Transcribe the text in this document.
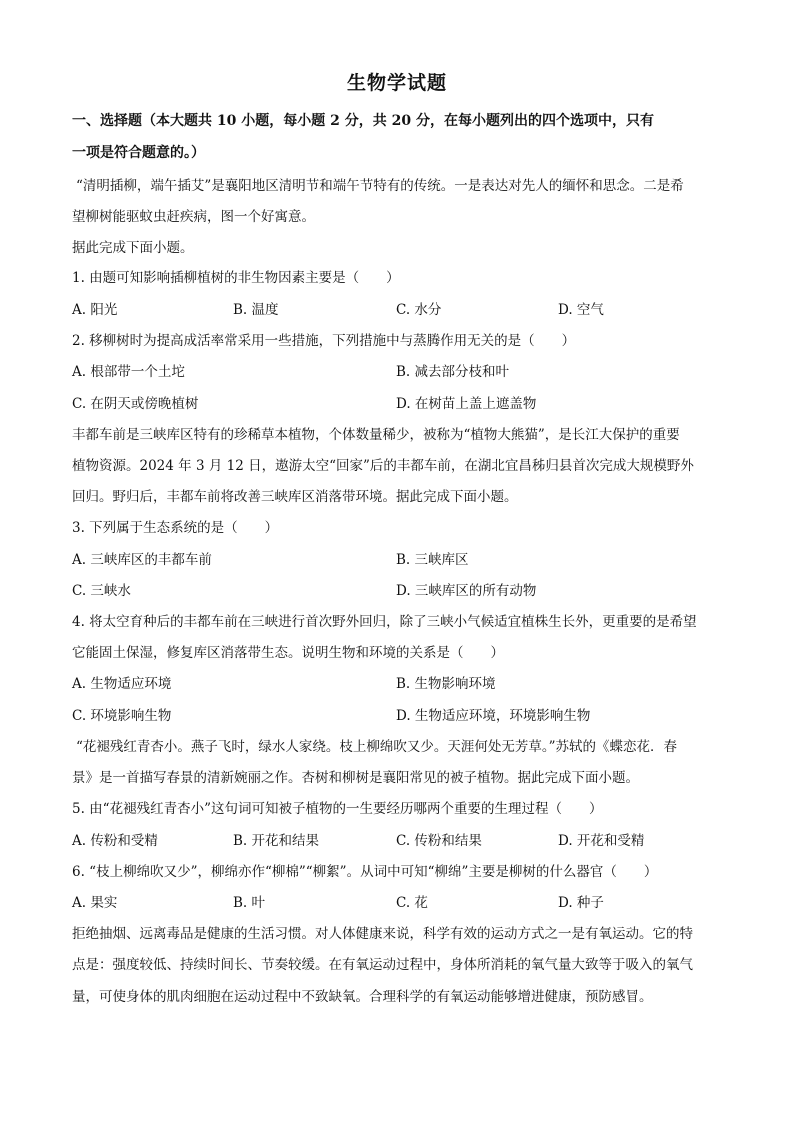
生物学试题
一、选择题（本大题共 10 小题，每小题 2 分，共 20 分，在每小题列出的四个选项中，只有
一项是符合题意的。）
“清明插柳，端午插艾”是襄阳地区清明节和端午节特有的传统。一是表达对先人的缅怀和思念。二是希
望柳树能驱蚊虫赶疾病，图一个好寓意。
据此完成下面小题。
1. 由题可知影响插柳植树的非生物因素主要是（　　）
A. 阳光	B. 温度	C. 水分	D. 空气
2. 移柳树时为提高成活率常采用一些措施，下列措施中与蒸腾作用无关的是（　　）
A. 根部带一个土坨	B. 减去部分枝和叶
C. 在阴天或傍晚植树	D. 在树苗上盖上遮盖物
丰都车前是三峡库区特有的珍稀草本植物，个体数量稀少，被称为“植物大熊猫”，是长江大保护的重要
植物资源。2024 年 3 月 12 日，遨游太空“回家”后的丰都车前，在湖北宜昌秭归县首次完成大规模野外
回归。野归后，丰都车前将改善三峡库区消落带环境。据此完成下面小题。
3. 下列属于生态系统的是（　　）
A. 三峡库区的丰都车前	B. 三峡库区
C. 三峡水	D. 三峡库区的所有动物
4. 将太空育种后的丰都车前在三峡进行首次野外回归，除了三峡小气候适宜植株生长外，更重要的是希望
它能固土保湿，修复库区消落带生态。说明生物和环境的关系是（　　）
A. 生物适应环境	B. 生物影响环境
C. 环境影响生物	D. 生物适应环境，环境影响生物
“花褪残红青杏小。燕子飞时，绿水人家绕。枝上柳绵吹又少。天涯何处无芳草。”苏轼的《蝶恋花．春
景》是一首描写春景的清新婉丽之作。杏树和柳树是襄阳常见的被子植物。据此完成下面小题。
5. 由“花褪残红青杏小”这句词可知被子植物的一生要经历哪两个重要的生理过程（　　）
A. 传粉和受精	B. 开花和结果	C. 传粉和结果	D. 开花和受精
6. “枝上柳绵吹又少”，柳绵亦作“柳棉”“柳絮”。从词中可知“柳绵”主要是柳树的什么器官（　　）
A. 果实	B. 叶	C. 花	D. 种子
拒绝抽烟、远离毒品是健康的生活习惯。对人体健康来说，科学有效的运动方式之一是有氧运动。它的特
点是：强度较低、持续时间长、节奏较缓。在有氧运动过程中，身体所消耗的氧气量大致等于吸入的氧气
量，可使身体的肌肉细胞在运动过程中不致缺氧。合理科学的有氧运动能够增进健康，预防感冒。
